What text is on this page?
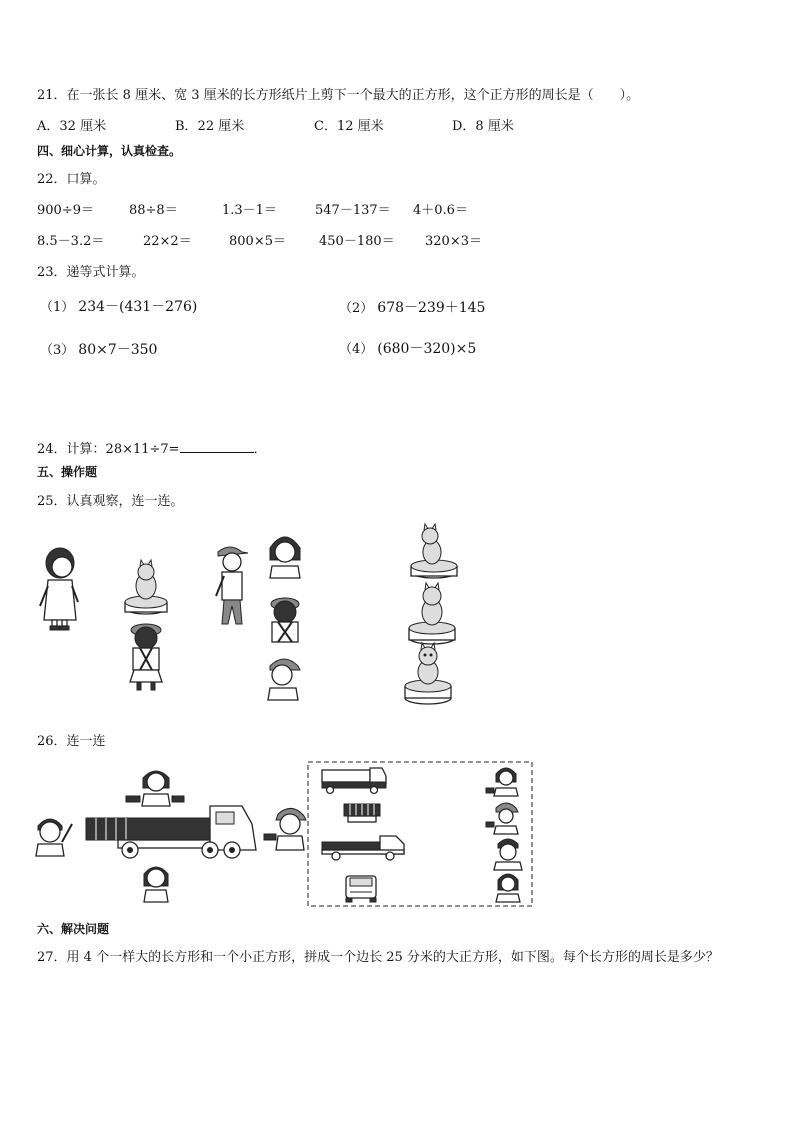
21．在一张长 8 厘米、宽 3 厘米的长方形纸片上剪下一个最大的正方形，这个正方形的周长是（　　）。
A．32 厘米	B．22 厘米	C．12 厘米	D．8 厘米
四、细心计算，认真检查。
22．口算。
900÷9＝	88÷8＝	1.3－1＝	547－137＝ 4＋0.6＝
8.5－3.2＝	22×2＝	800×5＝	450－180＝ 320×3＝
23．递等式计算。
（1） 234－(431－276)	（2） 678－239＋145
（3） 80×7－350	（4） (680－320)×5
24．计算：28×11÷7=	．
五、操作题
25．认真观察，连一连。
26．连一连
六、解决问题
27．用 4 个一样大的长方形和一个小正方形，拼成一个边长 25 分米的大正方形，如下图。每个长方形的周长是多少？
